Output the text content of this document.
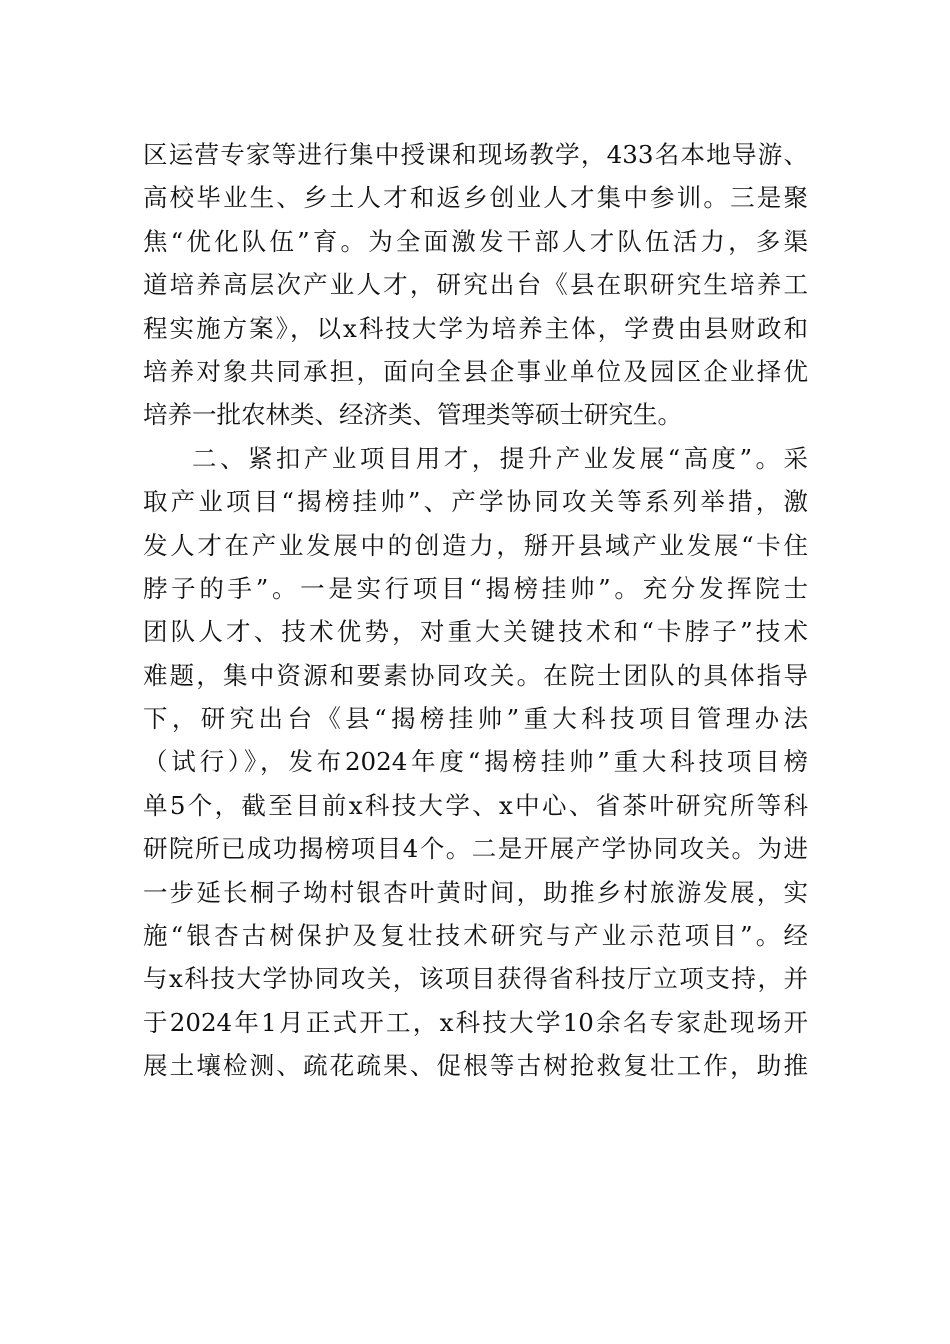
区运营专家等进行集中授课和现场教学，433名本地导游、
高校毕业生、乡土人才和返乡创业人才集中参训。三是聚
焦“优化队伍”育。为全面激发干部人才队伍活力，多渠
道培养高层次产业人才，研究出台《县在职研究生培养工
程实施方案》，以x科技大学为培养主体，学费由县财政和
培养对象共同承担，面向全县企事业单位及园区企业择优
培养一批农林类、经济类、管理类等硕士研究生。
二、紧扣产业项目用才，提升产业发展“高度”。采
取产业项目“揭榜挂帅”、产学协同攻关等系列举措，激
发人才在产业发展中的创造力，掰开县域产业发展“卡住
脖子的手”。一是实行项目“揭榜挂帅”。充分发挥院士
团队人才、技术优势，对重大关键技术和“卡脖子”技术
难题，集中资源和要素协同攻关。在院士团队的具体指导
下，研究出台《县“揭榜挂帅”重大科技项目管理办法
（试行）》，发布2024年度“揭榜挂帅”重大科技项目榜
单5个，截至目前x科技大学、x中心、省茶叶研究所等科
研院所已成功揭榜项目4个。二是开展产学协同攻关。为进
一步延长桐子坳村银杏叶黄时间，助推乡村旅游发展，实
施“银杏古树保护及复壮技术研究与产业示范项目”。经
与x科技大学协同攻关，该项目获得省科技厅立项支持，并
于2024年1月正式开工，x科技大学10余名专家赴现场开
展土壤检测、疏花疏果、促根等古树抢救复壮工作，助推
